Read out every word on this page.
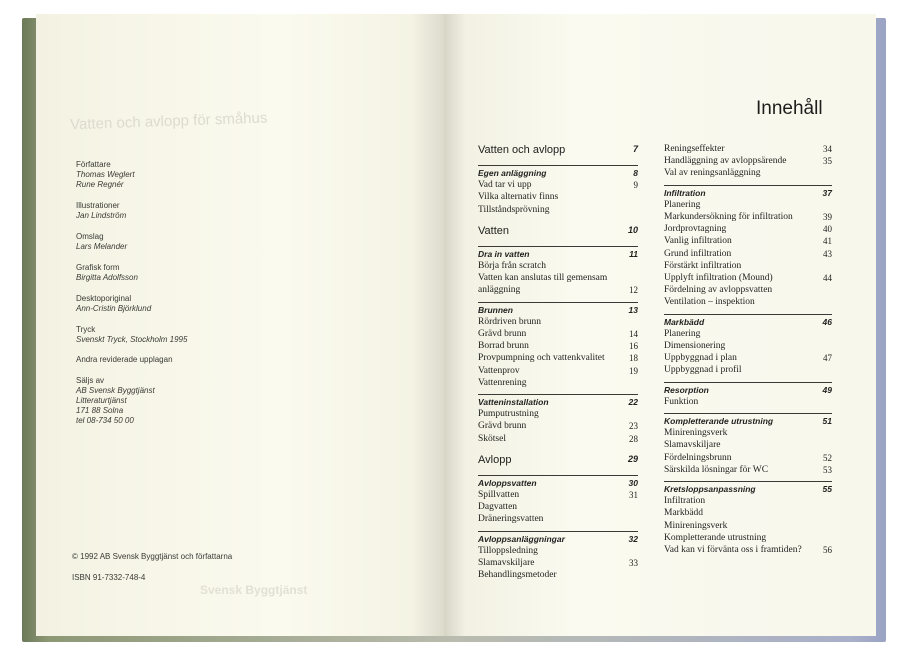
Vatten och avlopp för småhus
Författare
Thomas Weglert
Rune Regnér
Illustrationer
Jan Lindström
Omslag
Lars Melander
Grafisk form
Birgitta Adolfsson
Desktoporiginal
Ann-Cristin Björklund
Tryck
Svenskt Tryck, Stockholm 1995
Andra reviderade upplagan
Säljs av
AB Svensk Byggtjänst
Litteraturtjänst
171 88 Solna
tel 08-734 50 00
© 1992 AB Svensk Byggtjänst och författarna
ISBN 91-7332-748-4
Svensk Byggtjänst
Innehåll
Vatten och avlopp	7
Egen anläggning	8
Vad tar vi upp	9
Vilka alternativ finns
Tillståndsprövning
Vatten	10
Dra in vatten	11
Börja från scratch
Vatten kan anslutas till gemensam
anläggning	12
Brunnen	13
Rördriven brunn
Grävd brunn	14
Borrad brunn	16
Provpumpning och vattenkvalitet	18
Vattenprov	19
Vattenrening
Vatteninstallation	22
Pumputrustning
Grävd brunn	23
Skötsel	28
Avlopp	29
Avloppsvatten	30
Spillvatten	31
Dagvatten
Dräneringsvatten
Avloppsanläggningar	32
Tilloppsledning
Slamavskiljare	33
Behandlingsmetoder
Reningseffekter	34
Handläggning av avloppsärende	35
Val av reningsanläggning
Infiltration	37
Planering
Markundersökning för infiltration	39
Jordprovtagning	40
Vanlig infiltration	41
Grund infiltration	43
Förstärkt infiltration
Upplyft infiltration (Mound)	44
Fördelning av avloppsvatten
Ventilation – inspektion
Markbädd	46
Planering
Dimensionering
Uppbyggnad i plan	47
Uppbyggnad i profil
Resorption	49
Funktion
Kompletterande utrustning	51
Minireningsverk
Slamavskiljare
Fördelningsbrunn	52
Särskilda lösningar för WC	53
Kretsloppsanpassning	55
Infiltration
Markbädd
Minireningsverk
Kompletterande utrustning
Vad kan vi förvänta oss i framtiden? 56
